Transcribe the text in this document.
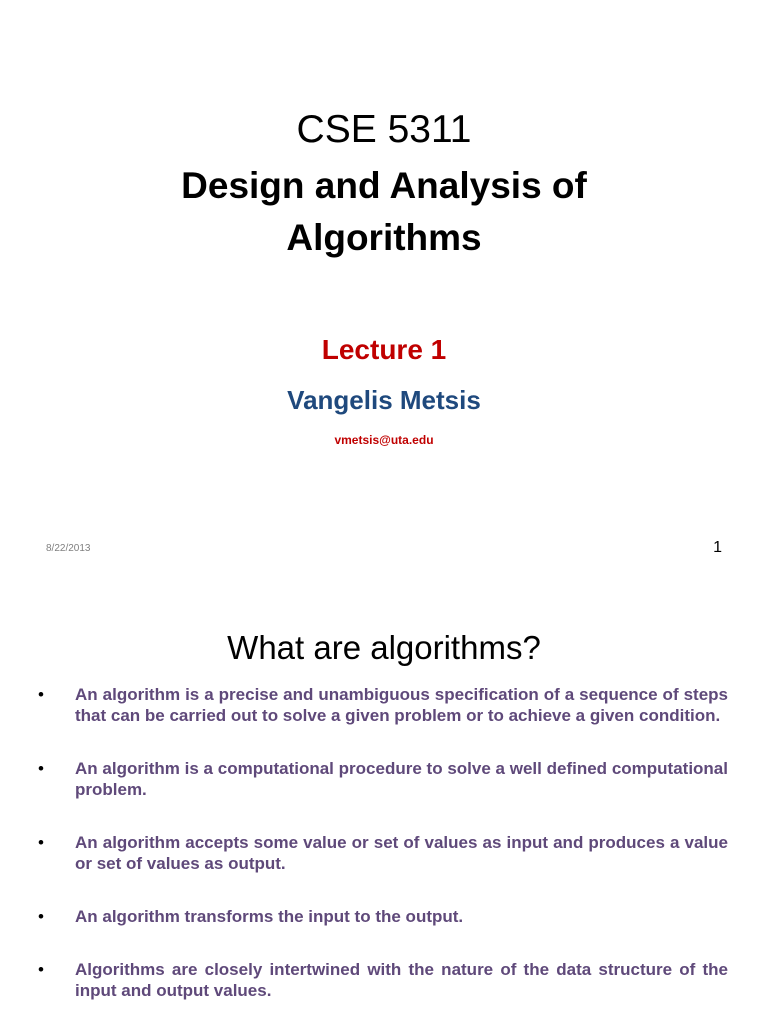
CSE 5311
Design and Analysis of Algorithms
Lecture 1
Vangelis Metsis
vmetsis@uta.edu
8/22/2013	1
What are algorithms?
• An algorithm is a precise and unambiguous specification of a sequence of steps that can be carried out to solve a given problem or to achieve a given condition.
• An algorithm is a computational procedure to solve a well defined computational problem.
• An algorithm accepts some value or set of values as input and produces a value or set of values as output.
• An algorithm transforms the input to the output.
• Algorithms are closely intertwined with the nature of the data structure of the input and output values.
